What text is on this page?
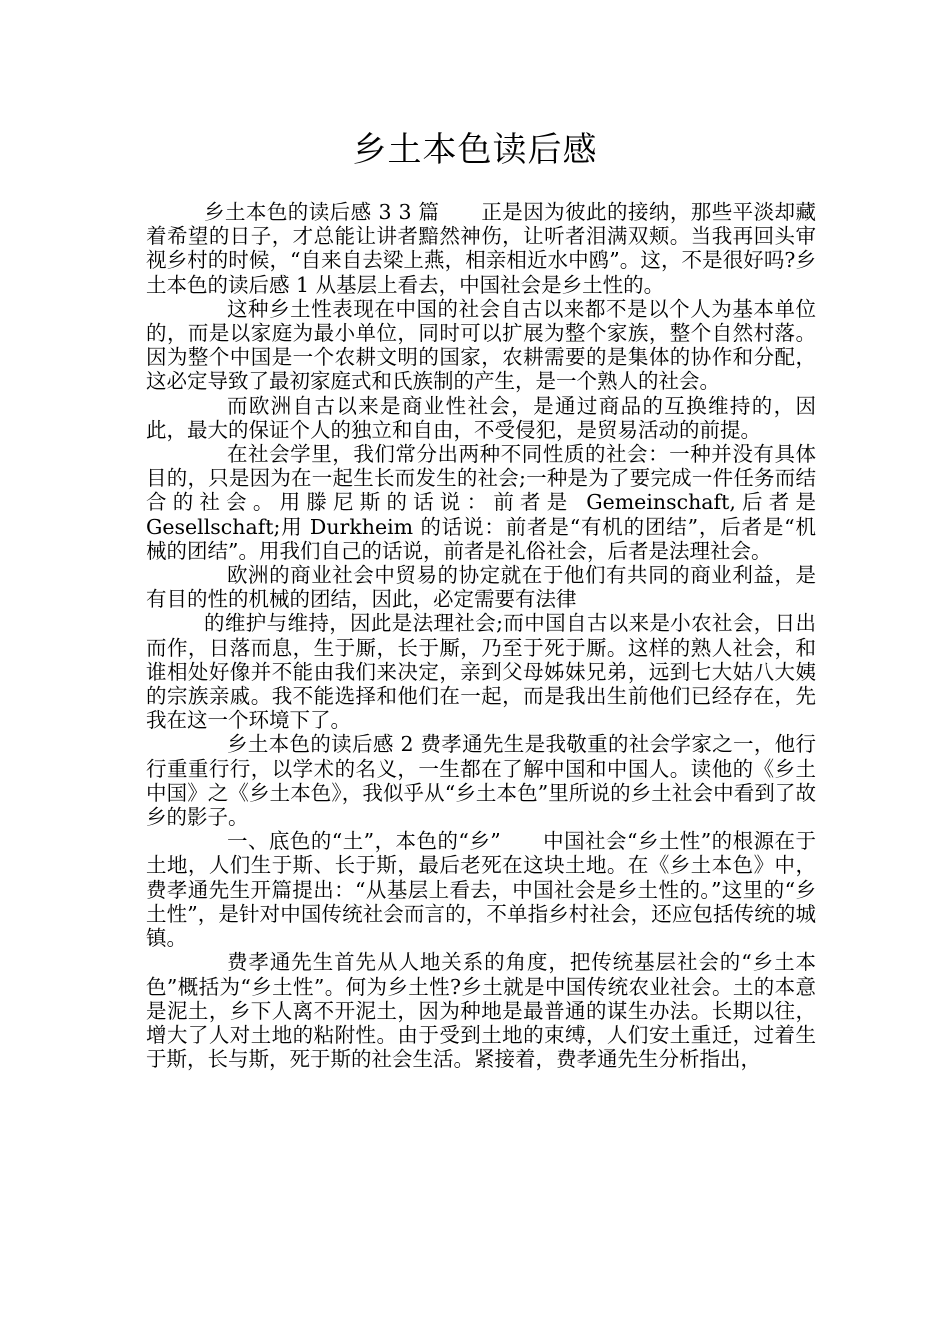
乡土本色读后感

乡土本色的读后感 3 3 篇　　正是因为彼此的接纳，那些平淡却藏着希望的日子，才总能让讲者黯然神伤，让听者泪满双颊。当我再回头审视乡村的时候，“自来自去梁上燕，相亲相近水中鸥”。这，不是很好吗?乡土本色的读后感 1 从基层上看去，中国社会是乡土性的。

这种乡土性表现在中国的社会自古以来都不是以个人为基本单位的，而是以家庭为最小单位，同时可以扩展为整个家族，整个自然村落。因为整个中国是一个农耕文明的国家，农耕需要的是集体的协作和分配，这必定导致了最初家庭式和氏族制的产生，是一个熟人的社会。

而欧洲自古以来是商业性社会，是通过商品的互换维持的，因此，最大的保证个人的独立和自由，不受侵犯，是贸易活动的前提。

在社会学里，我们常分出两种不同性质的社会：一种并没有具体目的，只是因为在一起生长而发生的社会;一种是为了要完成一件任务而结合的社会。用滕尼斯的话说：前者是 Gemeinschaft,后者是 Gesellschaft;用 Durkheim 的话说：前者是“有机的团结”，后者是“机械的团结”。用我们自己的话说，前者是礼俗社会，后者是法理社会。

欧洲的商业社会中贸易的协定就在于他们有共同的商业利益，是有目的性的机械的团结，因此，必定需要有法律

的维护与维持，因此是法理社会;而中国自古以来是小农社会，日出而作，日落而息，生于厮，长于厮，乃至于死于厮。这样的熟人社会，和谁相处好像并不能由我们来决定，亲到父母姊妹兄弟，远到七大姑八大姨的宗族亲戚。我不能选择和他们在一起，而是我出生前他们已经存在，先我在这一个环境下了。

乡土本色的读后感 2 费孝通先生是我敬重的社会学家之一，他行行重重行行，以学术的名义，一生都在了解中国和中国人。读他的《乡土中国》之《乡土本色》，我似乎从“乡土本色”里所说的乡土社会中看到了故乡的影子。

一、底色的“土”，本色的“乡”　　中国社会“乡土性”的根源在于土地，人们生于斯、长于斯，最后老死在这块土地。在《乡土本色》中，费孝通先生开篇提出：“从基层上看去，中国社会是乡土性的。”这里的“乡土性”，是针对中国传统社会而言的，不单指乡村社会，还应包括传统的城镇。

费孝通先生首先从人地关系的角度，把传统基层社会的“乡土本色”概括为“乡土性”。何为乡土性?乡土就是中国传统农业社会。土的本意是泥土，乡下人离不开泥土，因为种地是最普通的谋生办法。长期以往，增大了人对土地的粘附性。由于受到土地的束缚，人们安土重迁，过着生于斯，长与斯，死于斯的社会生活。紧接着，费孝通先生分析指出，
